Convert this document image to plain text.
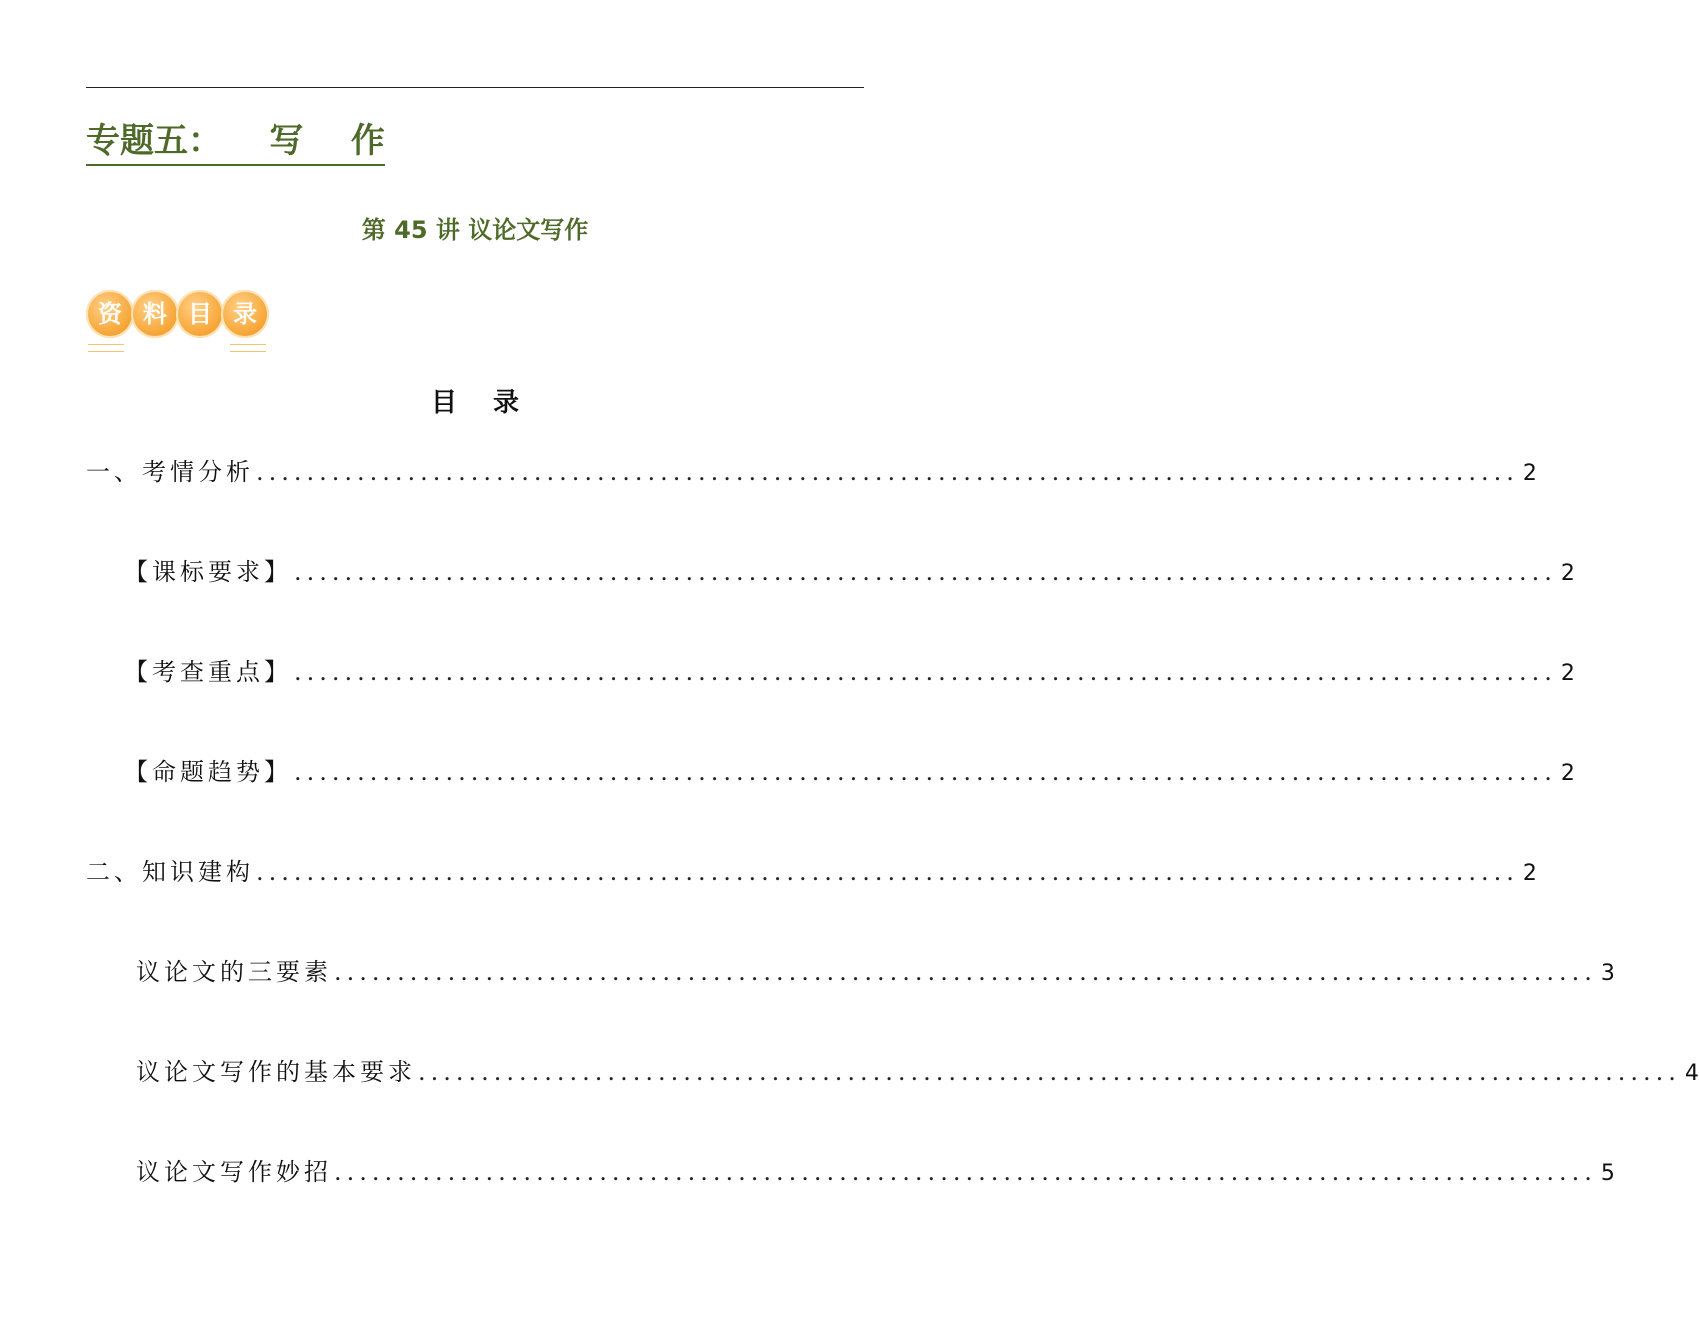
专题五：    写    作
第 45 讲 议论文写作
资 料 目 录
目录
一、考情分析 .................................................................................................... 2
【课标要求】 .................................................................................................... 2
【考查重点】 .................................................................................................... 2
【命题趋势】 .................................................................................................... 2
二、知识建构 .................................................................................................... 2
议论文的三要素 .................................................................................................... 3
议论文写作的基本要求 .................................................................................................... 4
议论文写作妙招 .................................................................................................... 5
